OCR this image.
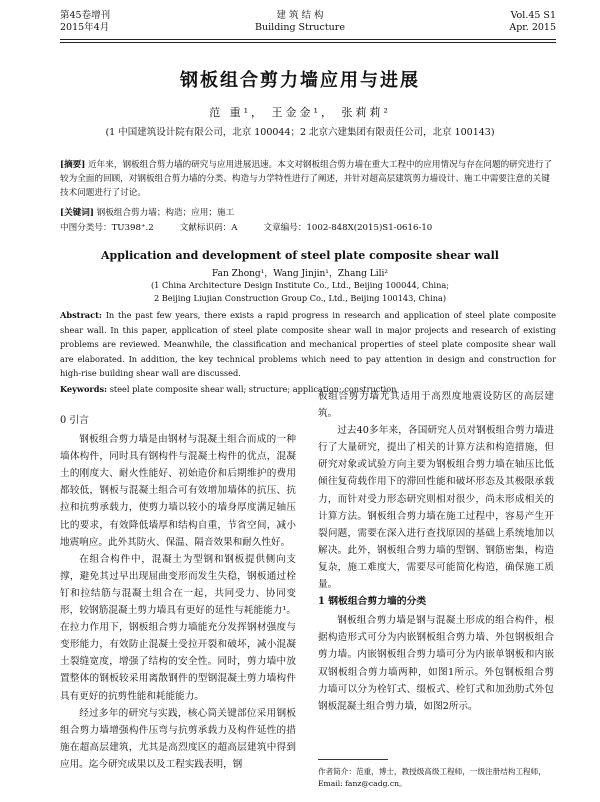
第45卷增刊
2015年4月
建 筑 结 构
Building Structure
Vol.45 S1
Apr. 2015
钢板组合剪力墙应用与进展
范 重¹， 王金金¹， 张莉莉²
(1 中国建筑设计院有限公司，北京 100044；2 北京六建集团有限责任公司，北京 100143)
[摘要] 近年来，钢板组合剪力墙的研究与应用进展迅速。本文对钢板组合剪力墙在重大工程中的应用情况与存在问题的研究进行了较为全面的回顾，对钢板组合剪力墙的分类、构造与力学特性进行了阐述，并针对超高层建筑剪力墙设计、施工中需要注意的关键技术问题进行了讨论。
[关键词] 钢板组合剪力墙；构造；应用；施工
中图分类号：TU398⁺.2	文献标识码：A	文章编号：1002-848X(2015)S1-0616-10
Application and development of steel plate composite shear wall
Fan Zhong¹，Wang Jinjin¹，Zhang Lili²
(1 China Architecture Design Institute Co., Ltd., Beijing 100044, China;
2 Beijing Liujian Construction Group Co., Ltd., Beijing 100143, China)
Abstract: In the past few years, there exists a rapid progress in research and application of steel plate composite shear wall. In this paper, application of steel plate composite shear wall in major projects and research of existing problems are reviewed. Meanwhile, the classification and mechanical properties of steel plate composite shear wall are elaborated. In addition, the key technical problems which need to pay attention in design and construction for high-rise building shear wall are discussed.
Keywords: steel plate composite shear wall; structure; application; construction
0 引言

钢板组合剪力墙是由钢材与混凝土组合而成的一种墙体构件，同时具有钢构件与混凝土构件的优点，混凝土的刚度大、耐火性能好、初始造价和后期维护的费用都较低，钢板与混凝土组合可有效增加墙体的抗压、抗拉和抗剪承载力，使剪力墙以较小的墙身厚度满足轴压比的要求，有效降低墙厚和结构自重，节省空间，减小地震响应。此外其防火、保温、隔音效果和耐久性好。

在组合构件中，混凝土为型钢和钢板提供侧向支撑，避免其过早出现屈曲变形而发生失稳，钢板通过栓钉和拉结筋与混凝土组合在一起，共同受力、协同变形，较钢筋混凝土剪力墙具有更好的延性与耗能能力¹。在拉力作用下，钢板组合剪力墙能充分发挥钢材强度与变形能力，有效防止混凝土受拉开裂和破坏，减小混凝土裂缝宽度，增强了结构的安全性。同时，剪力墙中放置整体的钢板较采用离散钢件的型钢混凝土剪力墙构件具有更好的抗剪性能和耗能能力。

经过多年的研究与实践，核心筒关键部位采用钢板组合剪力墙增强构件压弯与抗剪承载力及构件延性的措施在超高层建筑，尤其是高烈度区的超高层建筑中得到应用。迄今研究成果以及工程实践表明，钢

板组合剪力墙尤其适用于高烈度地震设防区的高层建筑。

过去40多年来，各国研究人员对钢板组合剪力墙进行了大量研究，提出了相关的计算方法和构造措施，但研究对象或试验方向主要为钢板组合剪力墙在轴压比低倾往复荷载作用下的滞回性能和破坏形态及其极限承载力，而针对受力形态研究则相对很少，尚未形成相关的计算方法。钢板组合剪力墙在施工过程中，容易产生开裂问题，需要在深入进行查找原因的基础上系统地加以解决。此外，钢板组合剪力墙的型钢、钢筋密集，构造复杂，施工难度大，需要尽可能简化构造，确保施工质量。

1 钢板组合剪力墙的分类

钢板组合剪力墙是钢与混凝土形成的组合构件，根据构造形式可分为内嵌钢板组合剪力墙、外包钢板组合剪力墙。内嵌钢板组合剪力墙可分为内嵌单钢板和内嵌双钢板组合剪力墙两种，如图1所示。外包钢板组合剪力墙可以分为栓钉式、缀板式、栓钉式和加劲肋式外包钢板混凝土组合剪力墙，如图2所示。

作者简介：范重，博士，教授级高级工程师，一级注册结构工程师，
Email: fanz@cadg.cn。
